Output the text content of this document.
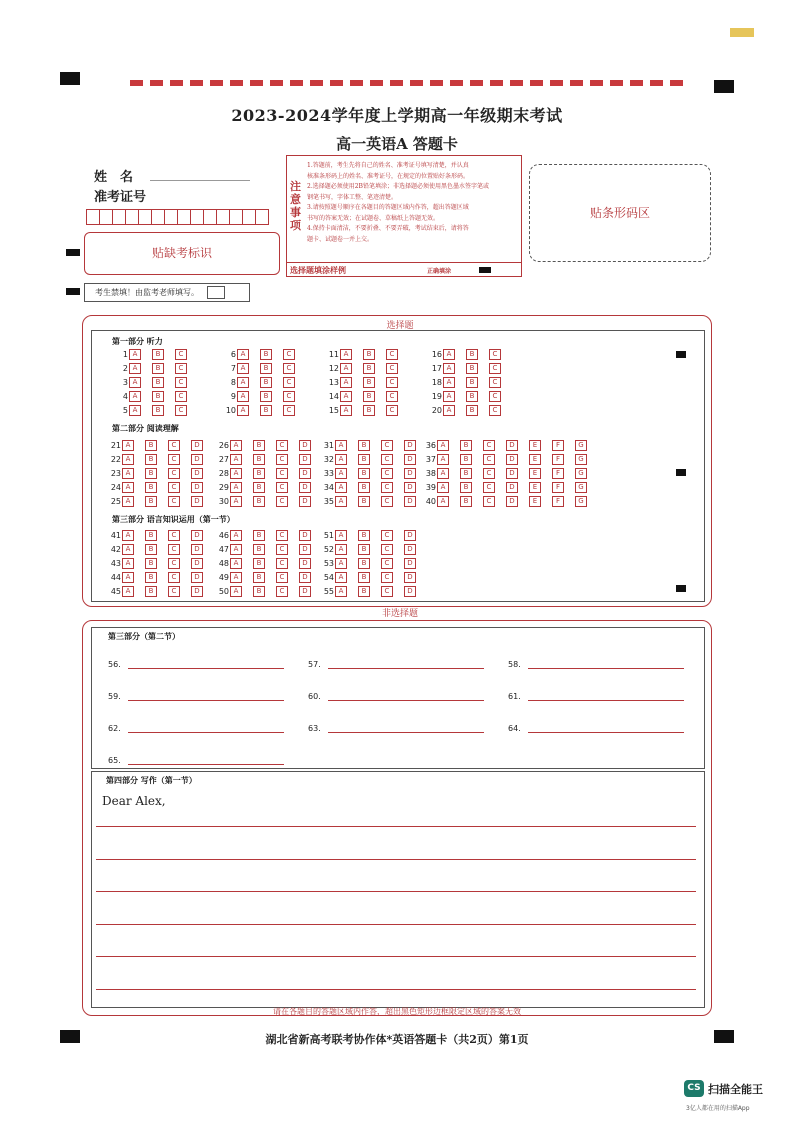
2023-2024学年度上学期高一年级期末考试
高一英语A 答题卡
姓　名
准考证号
贴缺考标识
考生禁填！由监考老师填写。
注
意
事
项
1.答题前，考生先将自己的姓名、准考证号填写清楚，并认真
核准条形码上的姓名、准考证号，在规定的位置贴好条形码。
2.选择题必须使用2B铅笔填涂；非选择题必须使用黑色墨水签字笔或
钢笔书写，字体工整、笔迹清楚。
3.请按照题号顺序在各题目的答题区域内作答，超出答题区域
书写的答案无效；在试题卷、草稿纸上答题无效。
4.保持卡面清洁，不要折叠、不要弄破，考试结束后，请将答
题卡、试题卷一并上交。
选择题填涂样例	正确填涂
贴条形码区
选择题
第一部分 听力
第二部分 阅读理解
第三部分 语言知识运用（第一节）
1 A	B	C
2 A	B	C
3 A	B	C
4 A	B	C
5 A	B	C
6 A	B	C
7 A	B	C
8 A	B	C
9 A	B	C
10 A	B	C
11 A	B	C
12 A	B	C
13 A	B	C
14 A	B	C
15 A	B	C
16 A	B	C
17 A	B	C
18 A	B	C
19 A	B	C
20 A	B	C
21 A	B	C	D
22 A	B	C	D
23 A	B	C	D
24 A	B	C	D
25 A	B	C	D
26 A	B	C	D
27 A	B	C	D
28 A	B	C	D
29 A	B	C	D
30 A	B	C	D
31 A	B	C	D
32 A	B	C	D
33 A	B	C	D
34 A	B	C	D
35 A	B	C	D
36 A	B	C	D	E	F	G
37 A	B	C	D	E	F	G
38 A	B	C	D	E	F	G
39 A	B	C	D	E	F	G
40 A	B	C	D	E	F	G
41 A	B	C	D
42 A	B	C	D
43 A	B	C	D
44 A	B	C	D
45 A	B	C	D
46 A	B	C	D
47 A	B	C	D
48 A	B	C	D
49 A	B	C	D
50 A	B	C	D
51 A	B	C	D
52 A	B	C	D
53 A	B	C	D
54 A	B	C	D
55 A	B	C	D
非选择题
第三部分（第二节）
56.	57.	58.
59.	60.	61.
62.	63.	64.
65.
第四部分 写作（第一节）
Dear Alex,
请在各题目的答题区域内作答，超出黑色矩形边框限定区域的答案无效
湖北省新高考联考协作体*英语答题卡（共2页）第1页
CS 扫描全能王
3亿人都在用的扫描App
